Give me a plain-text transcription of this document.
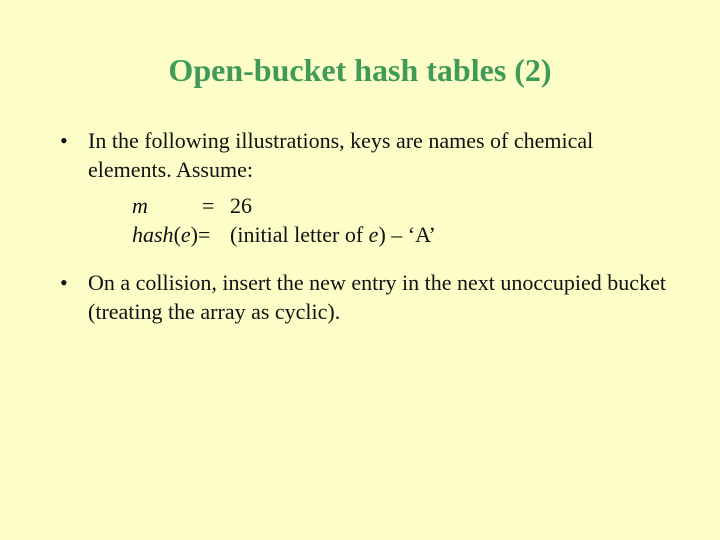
Open-bucket hash tables (2)
• In the following illustrations, keys are names of chemical elements. Assume:
m = 26
hash(e)= (initial letter of e) – ‘A’
• On a collision, insert the new entry in the next unoccupied bucket (treating the array as cyclic).
